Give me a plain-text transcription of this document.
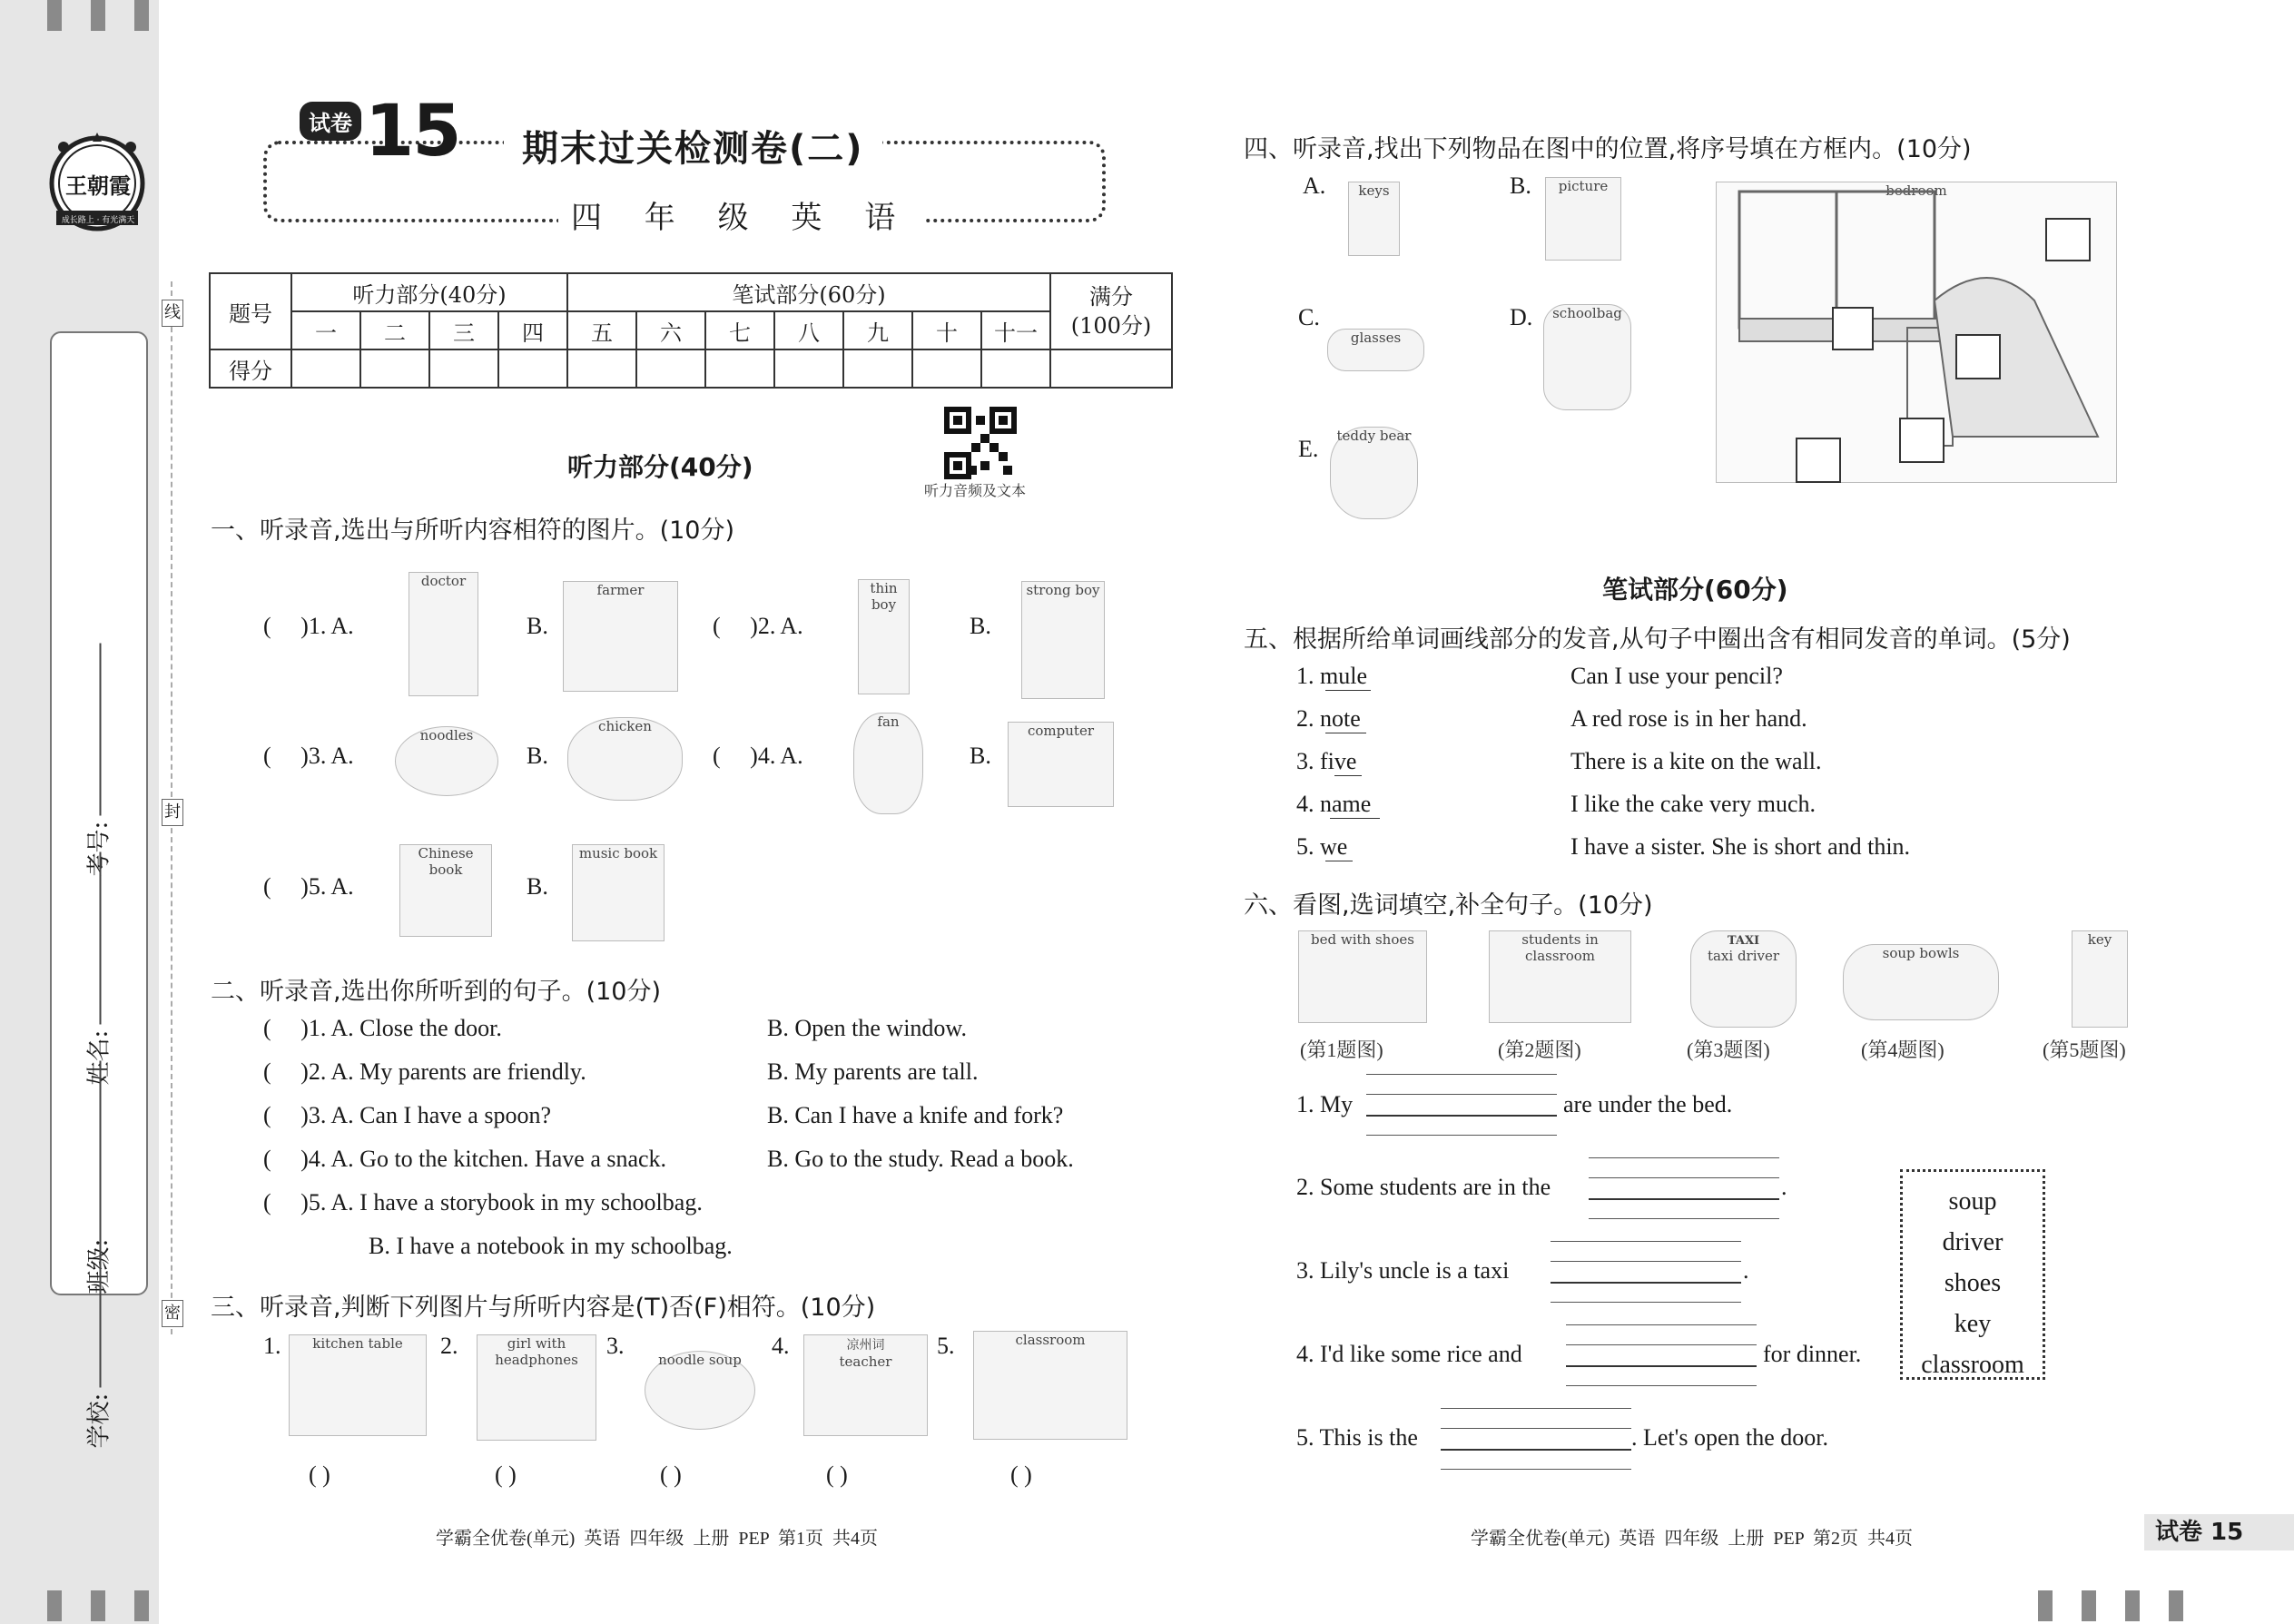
王朝霞
成长路上 · 有光满天
线
封
密
考号:
姓名:
班级:
学校:
试卷 15	期末过关检测卷(二)
四 年 级 英 语
题号	听力部分(40分)				笔试部分(60分)							满分
(100分)
	一	二	三	四	五	六	七	八	九	十	十一	
得分												
听力部分(40分)
听力音频及文本
一、听录音,选出与所听内容相符的图片。(10分)
( )1. A.
doctor
B.
farmer
( )2. A.
thin boy
B.
strong boy
( )3. A.
noodles
B.
chicken
( )4. A.
fan
B.
computer
( )5. A.
Chinese book
B.
music book
二、听录音,选出你所听到的句子。(10分)
( )1. A. Close the door.	B. Open the window.
( )2. A. My parents are friendly.	B. My parents are tall.
( )3. A. Can I have a spoon?	B. Can I have a knife and fork?
( )4. A. Go to the kitchen. Have a snack.	B. Go to the study. Read a book.
( )5. A. I have a storybook in my schoolbag.
B. I have a notebook in my schoolbag.
三、听录音,判断下列图片与所听内容是(T)否(F)相符。(10分)
1.	kitchen table	2.	girl with headphones
3.
noodle soup
4.	凉州词
teacher
5.	classroom
( )	( )	( )	( )	( )
学霸全优卷(单元)  英语  四年级  上册  PEP  第1页  共4页
四、听录音,找出下列物品在图中的位置,将序号填在方框内。(10分)
A.	keys	B.	picture
C.
glasses
D.	schoolbag
E.	teddy bear
bedroom
笔试部分(60分)
五、根据所给单词画线部分的发音,从句子中圈出含有相同发音的单词。(5分)
1. mule	Can I use your pencil?
2. note	A red rose is in her hand.
3. five	There is a kite on the wall.
4. name	I like the cake very much.
5. we	I have a sister. She is short and thin.
六、看图,选词填空,补全句子。(10分)
bed with shoes	students in classroom
TAXI
taxi driver	soup bowls
key
(第1题图)	(第2题图)	(第3题图)	(第4题图)	(第5题图)
1. My	are under the bed.
2. Some students are in the	.
3. Lily's uncle is a taxi	.
4. I'd like some rice and	for dinner.
5. This is the	. Let's open the door.
soup
driver
shoes
key
classroom
学霸全优卷(单元)  英语  四年级  上册  PEP  第2页  共4页	试卷 15
